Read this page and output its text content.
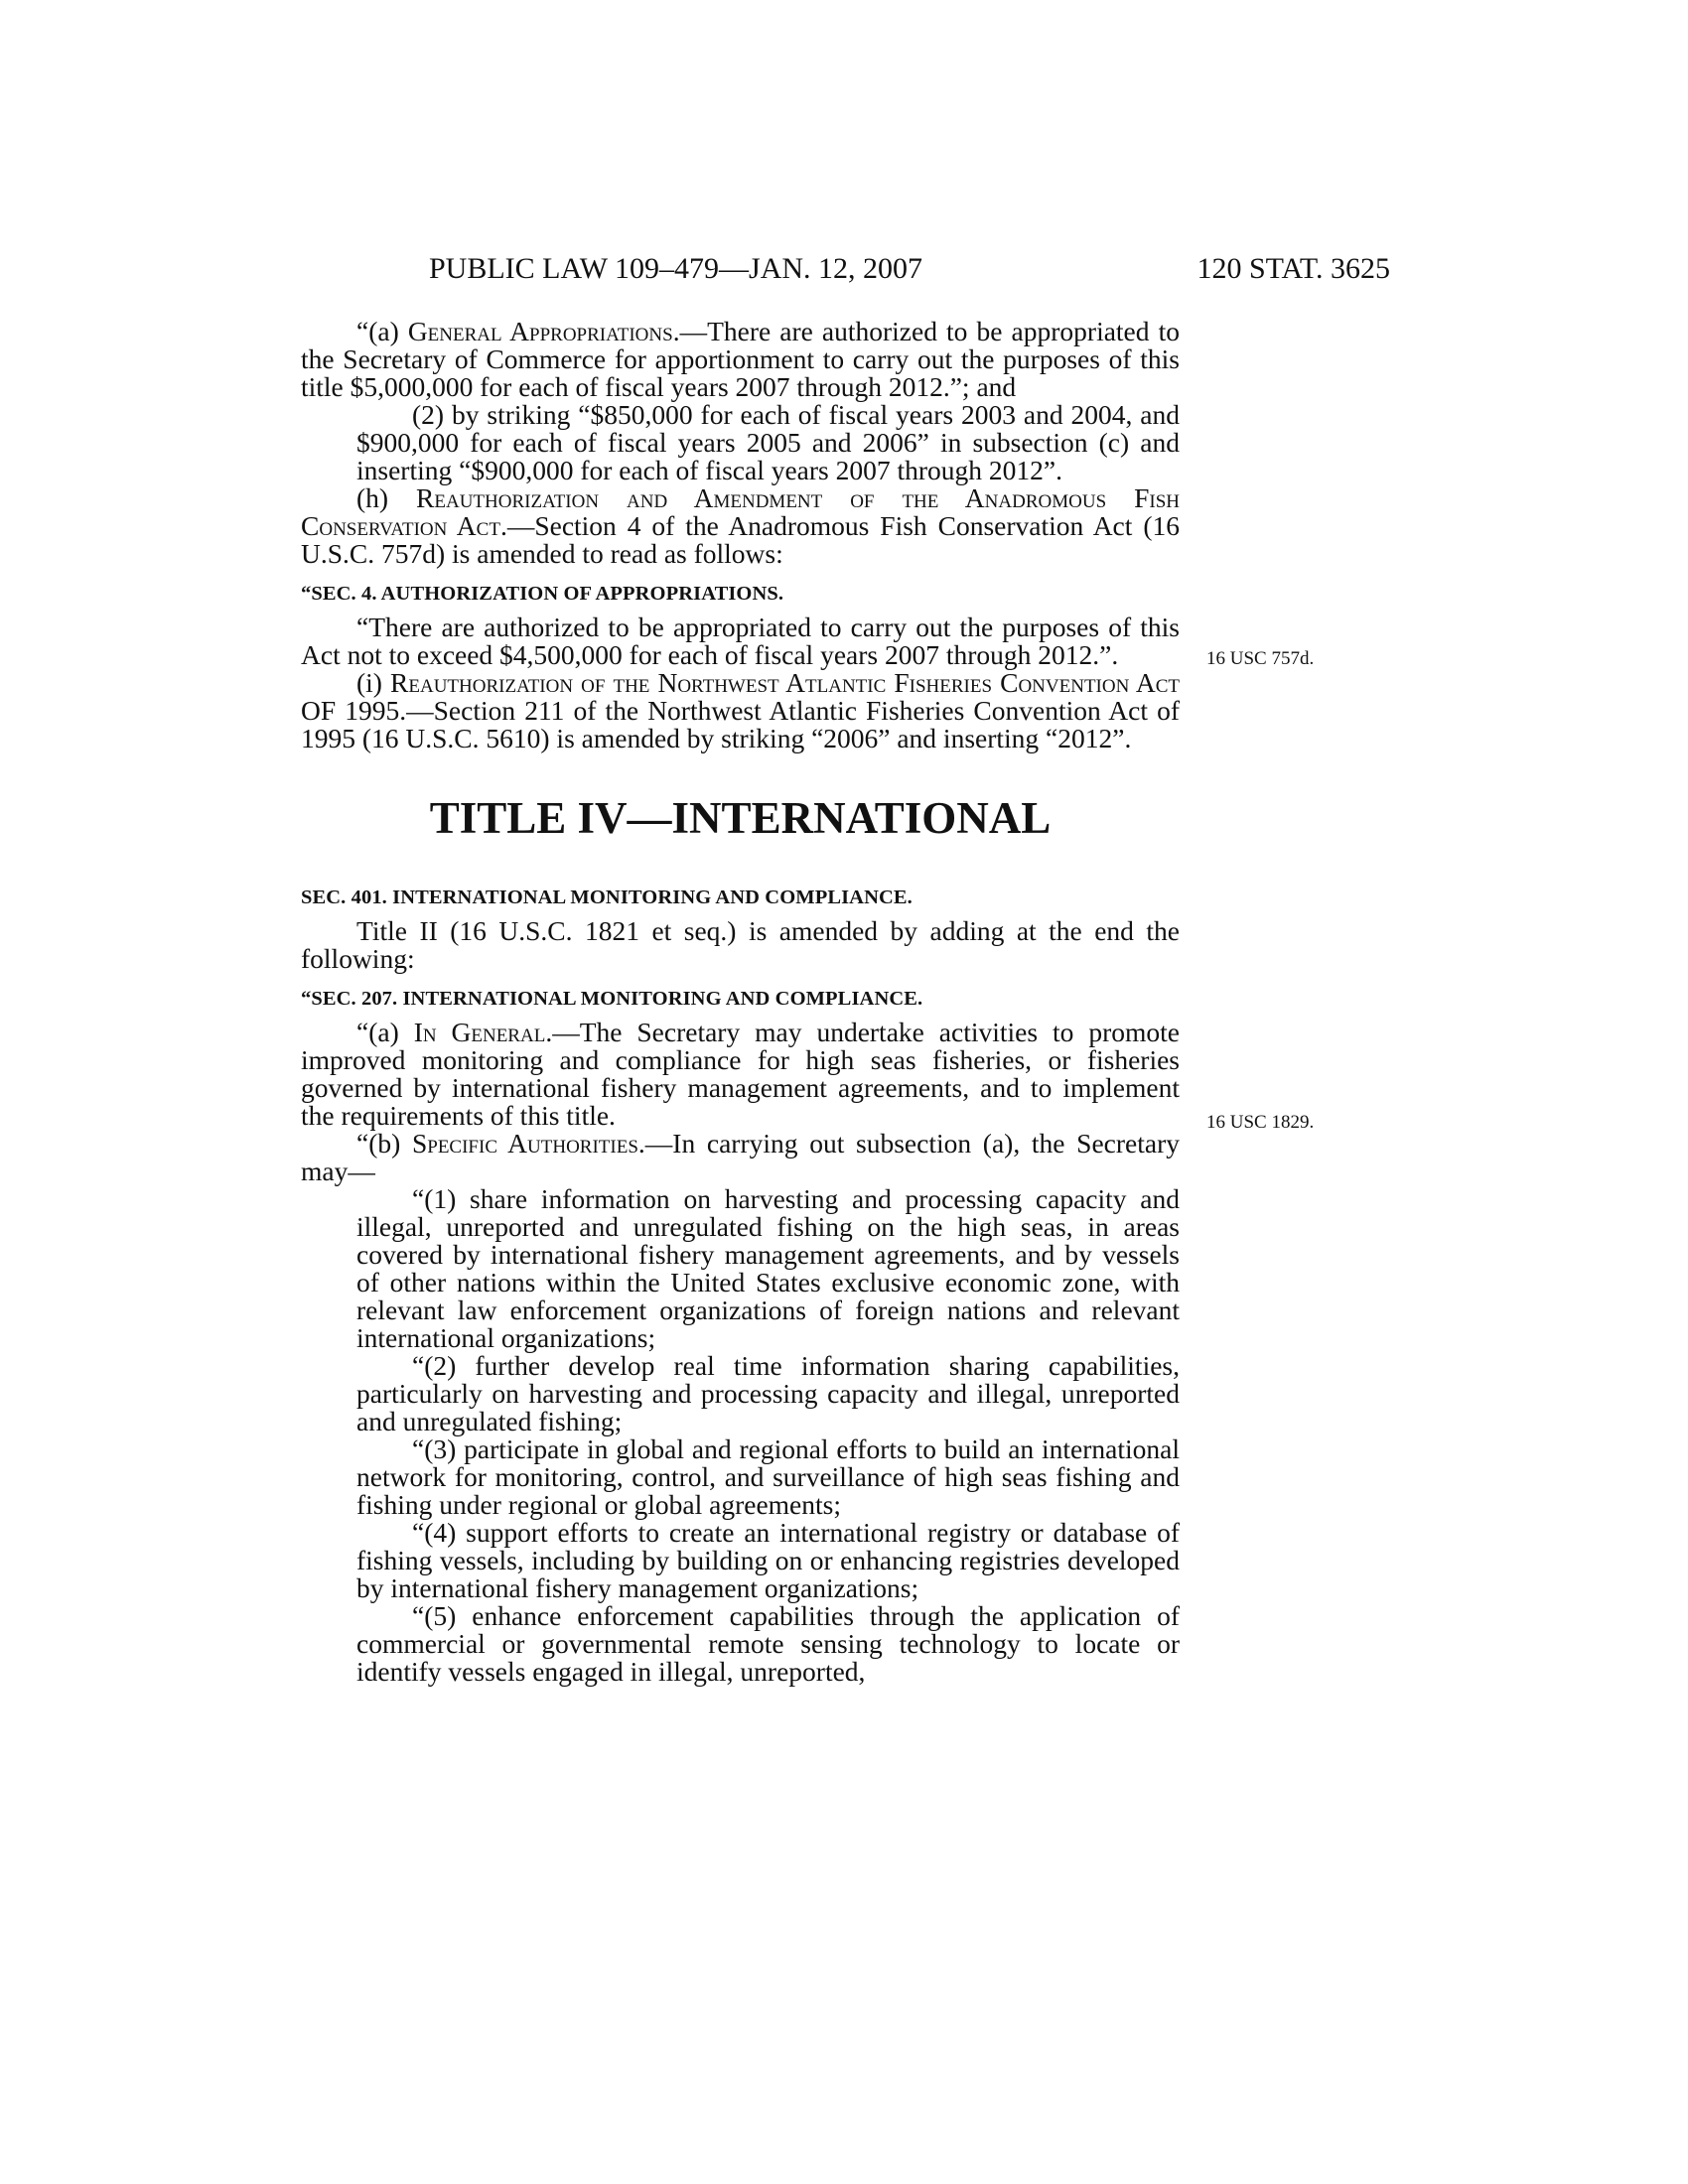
PUBLIC LAW 109–479—JAN. 12, 2007	120 STAT. 3625
16 USC 757d.
16 USC 1829.

“(a) General Appropriations.—There are authorized to be appropriated to the Secretary of Commerce for apportionment to carry out the purposes of this title $5,000,000 for each of fiscal years 2007 through 2012.”; and

(2) by striking “$850,000 for each of fiscal years 2003 and 2004, and $900,000 for each of fiscal years 2005 and 2006” in subsection (c) and inserting “$900,000 for each of fiscal years 2007 through 2012”.

(h) Reauthorization and Amendment of the Anadromous Fish Conservation Act.—Section 4 of the Anadromous Fish Conservation Act (16 U.S.C. 757d) is amended to read as follows:

“SEC. 4. AUTHORIZATION OF APPROPRIATIONS.

“There are authorized to be appropriated to carry out the purposes of this Act not to exceed $4,500,000 for each of fiscal years 2007 through 2012.”.

(i) Reauthorization of the Northwest Atlantic Fisheries Convention Act OF 1995.—Section 211 of the Northwest Atlantic Fisheries Convention Act of 1995 (16 U.S.C. 5610) is amended by striking “2006” and inserting “2012”.

TITLE IV—INTERNATIONAL
SEC. 401. INTERNATIONAL MONITORING AND COMPLIANCE.

Title II (16 U.S.C. 1821 et seq.) is amended by adding at the end the following:

“SEC. 207. INTERNATIONAL MONITORING AND COMPLIANCE.

“(a) In General.—The Secretary may undertake activities to promote improved monitoring and compliance for high seas fisheries, or fisheries governed by international fishery management agreements, and to implement the requirements of this title.

“(b) Specific Authorities.—In carrying out subsection (a), the Secretary may—

“(1) share information on harvesting and processing capacity and illegal, unreported and unregulated fishing on the high seas, in areas covered by international fishery management agreements, and by vessels of other nations within the United States exclusive economic zone, with relevant law enforcement organizations of foreign nations and relevant international organizations;

“(2) further develop real time information sharing capabilities, particularly on harvesting and processing capacity and illegal, unreported and unregulated fishing;

“(3) participate in global and regional efforts to build an international network for monitoring, control, and surveillance of high seas fishing and fishing under regional or global agreements;

“(4) support efforts to create an international registry or database of fishing vessels, including by building on or enhancing registries developed by international fishery management organizations;

“(5) enhance enforcement capabilities through the application of commercial or governmental remote sensing technology to locate or identify vessels engaged in illegal, unreported,
